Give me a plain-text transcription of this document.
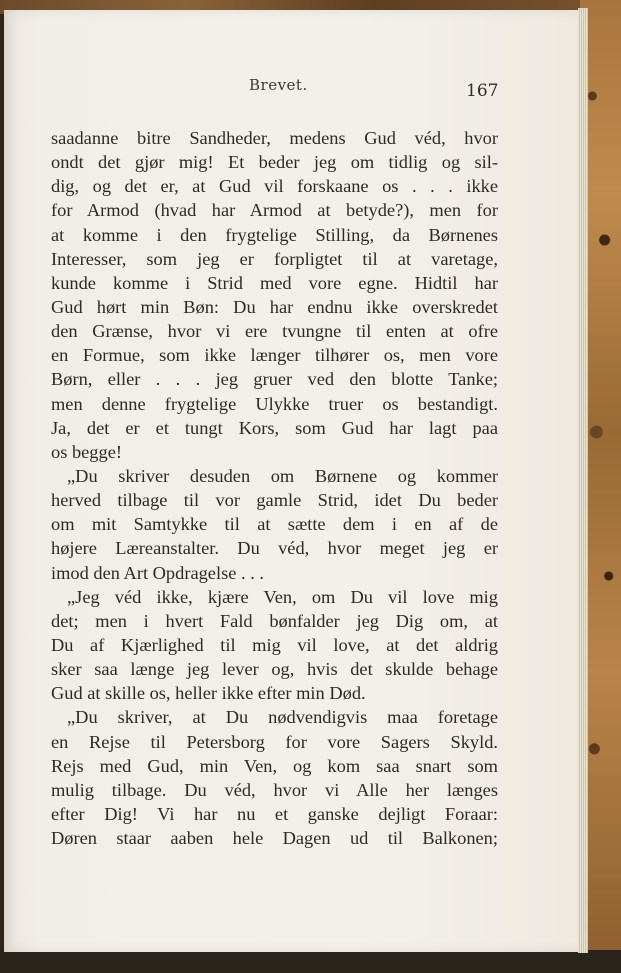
Brevet.	167
saadanne bitre Sandheder, medens Gud véd, hvor
ondt det gjør mig! Et beder jeg om tidlig og sil-
dig, og det er, at Gud vil forskaane os . . . ikke
for Armod (hvad har Armod at betyde?), men for
at komme i den frygtelige Stilling, da Børnenes
Interesser, som jeg er forpligtet til at varetage,
kunde komme i Strid med vore egne. Hidtil har
Gud hørt min Bøn: Du har endnu ikke overskredet
den Grænse, hvor vi ere tvungne til enten at ofre
en Formue, som ikke længer tilhører os, men vore
Børn, eller . . . jeg gruer ved den blotte Tanke;
men denne frygtelige Ulykke truer os bestandigt.
Ja, det er et tungt Kors, som Gud har lagt paa
os begge!
„Du skriver desuden om Børnene og kommer
herved tilbage til vor gamle Strid, idet Du beder
om mit Samtykke til at sætte dem i en af de
højere Læreanstalter. Du véd, hvor meget jeg er
imod den Art Opdragelse . . .
„Jeg véd ikke, kjære Ven, om Du vil love mig
det; men i hvert Fald bønfalder jeg Dig om, at
Du af Kjærlighed til mig vil love, at det aldrig
sker saa længe jeg lever og, hvis det skulde behage
Gud at skille os, heller ikke efter min Død.
„Du skriver, at Du nødvendigvis maa foretage
en Rejse til Petersborg for vore Sagers Skyld.
Rejs med Gud, min Ven, og kom saa snart som
mulig tilbage. Du véd, hvor vi Alle her længes
efter Dig! Vi har nu et ganske dejligt Foraar:
Døren staar aaben hele Dagen ud til Balkonen;
